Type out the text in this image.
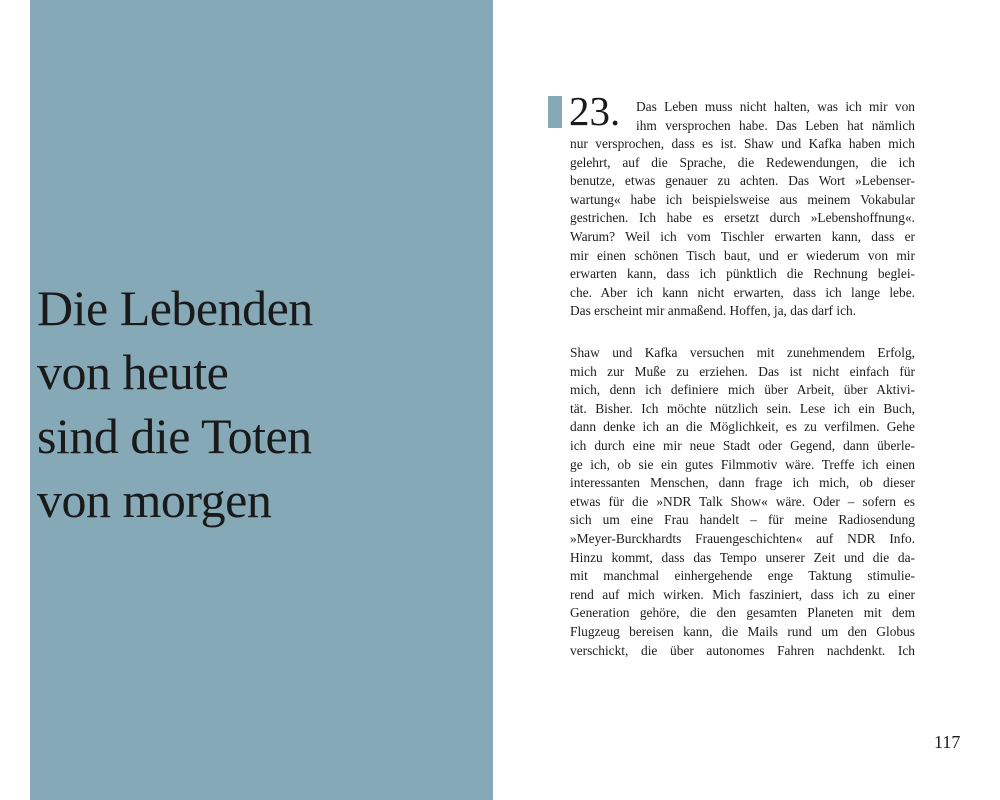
Die Lebenden
von heute
sind die Toten
von morgen
23. Das Leben muss nicht halten, was ich mir von
ihm versprochen habe. Das Leben hat nämlich
nur versprochen, dass es ist. Shaw und Kafka haben mich
gelehrt, auf die Sprache, die Redewendungen, die ich
benutze, etwas genauer zu achten. Das Wort »Lebenser-
wartung« habe ich beispielsweise aus meinem Vokabular
gestrichen. Ich habe es ersetzt durch »Lebenshoffnung«.
Warum? Weil ich vom Tischler erwarten kann, dass er
mir einen schönen Tisch baut, und er wiederum von mir
erwarten kann, dass ich pünktlich die Rechnung beglei-
che. Aber ich kann nicht erwarten, dass ich lange lebe.
Das erscheint mir anmaßend. Hoffen, ja, das darf ich.
Shaw und Kafka versuchen mit zunehmendem Erfolg,
mich zur Muße zu erziehen. Das ist nicht einfach für
mich, denn ich definiere mich über Arbeit, über Aktivi-
tät. Bisher. Ich möchte nützlich sein. Lese ich ein Buch,
dann denke ich an die Möglichkeit, es zu verfilmen. Gehe
ich durch eine mir neue Stadt oder Gegend, dann überle-
ge ich, ob sie ein gutes Filmmotiv wäre. Treffe ich einen
interessanten Menschen, dann frage ich mich, ob dieser
etwas für die »NDR Talk Show« wäre. Oder – sofern es
sich um eine Frau handelt – für meine Radiosendung
»Meyer-Burckhardts Frauengeschichten« auf NDR Info.
Hinzu kommt, dass das Tempo unserer Zeit und die da-
mit manchmal einhergehende enge Taktung stimulie-
rend auf mich wirken. Mich fasziniert, dass ich zu einer
Generation gehöre, die den gesamten Planeten mit dem
Flugzeug bereisen kann, die Mails rund um den Globus
verschickt, die über autonomes Fahren nachdenkt. Ich
117
